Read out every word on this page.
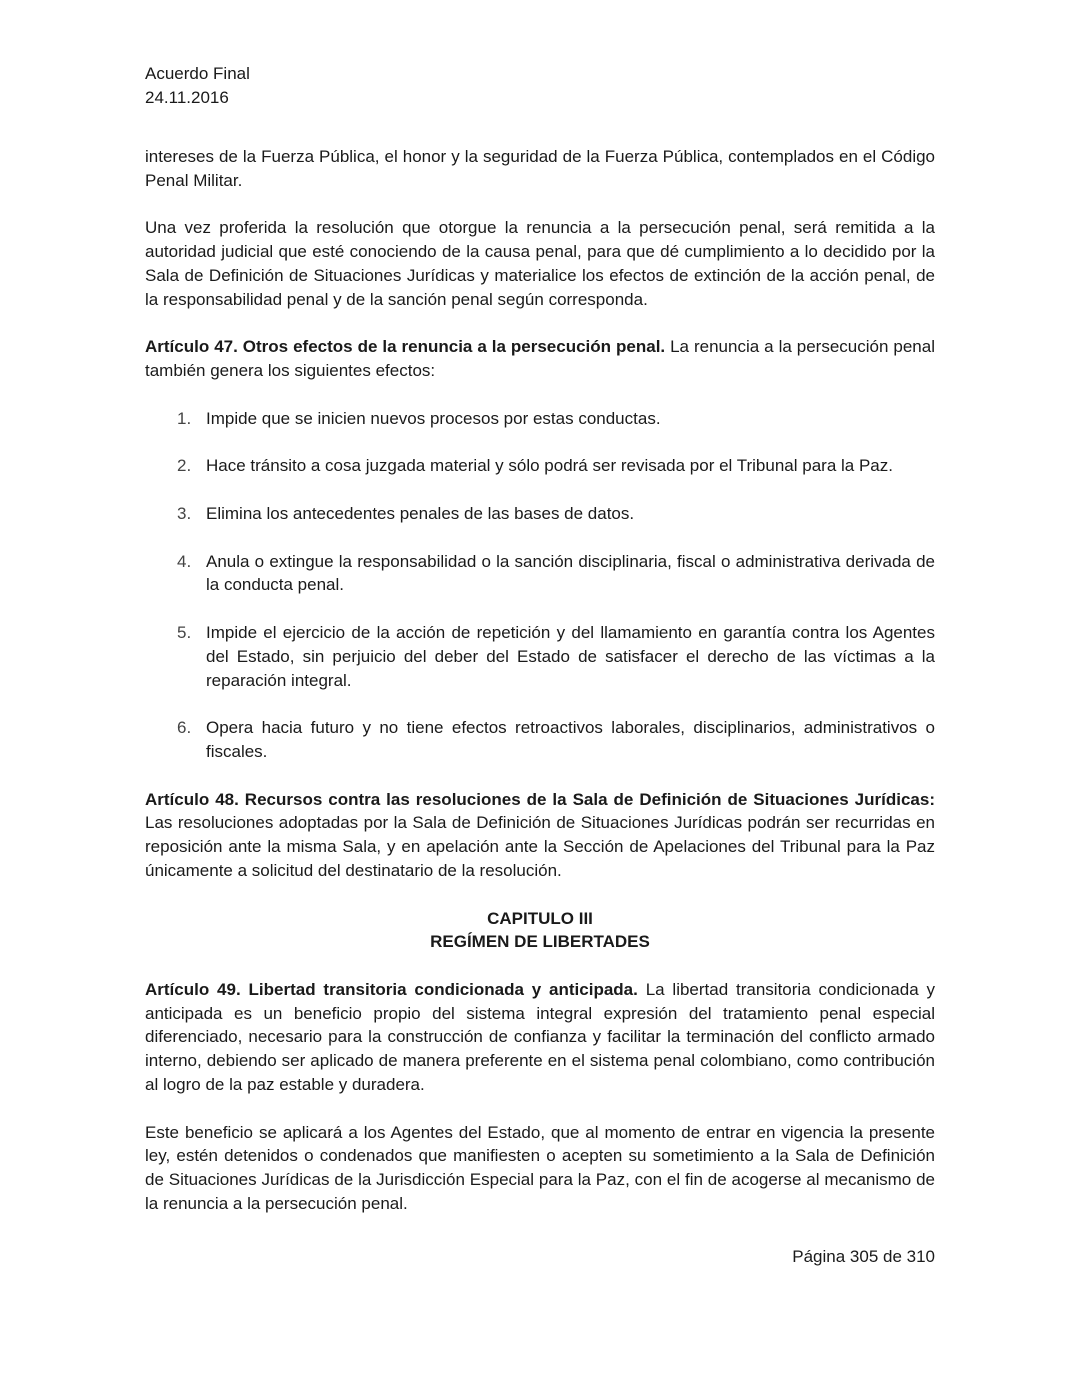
Acuerdo Final
24.11.2016

intereses de la Fuerza Pública, el honor y la seguridad de la Fuerza Pública, contemplados en el Código Penal Militar.

Una vez proferida la resolución que otorgue la renuncia a la persecución penal, será remitida a la autoridad judicial que esté conociendo de la causa penal, para que dé cumplimiento a lo decidido por la Sala de Definición de Situaciones Jurídicas y materialice los efectos de extinción de la acción penal, de la responsabilidad penal y de la sanción penal según corresponda.

Artículo 47. Otros efectos de la renuncia a la persecución penal. La renuncia a la persecución penal también genera los siguientes efectos:

1. Impide que se inicien nuevos procesos por estas conductas.
2. Hace tránsito a cosa juzgada material y sólo podrá ser revisada por el Tribunal para la Paz.
3. Elimina los antecedentes penales de las bases de datos.
4. Anula o extingue la responsabilidad o la sanción disciplinaria, fiscal o administrativa derivada de la conducta penal.
5. Impide el ejercicio de la acción de repetición y del llamamiento en garantía contra los Agentes del Estado, sin perjuicio del deber del Estado de satisfacer el derecho de las víctimas a la reparación integral.
6. Opera hacia futuro y no tiene efectos retroactivos laborales, disciplinarios, administrativos o fiscales.

Artículo 48. Recursos contra las resoluciones de la Sala de Definición de Situaciones Jurídicas: Las resoluciones adoptadas por la Sala de Definición de Situaciones Jurídicas podrán ser recurridas en reposición ante la misma Sala, y en apelación ante la Sección de Apelaciones del Tribunal para la Paz únicamente a solicitud del destinatario de la resolución.

CAPITULO III
REGÍMEN DE LIBERTADES

Artículo 49. Libertad transitoria condicionada y anticipada. La libertad transitoria condicionada y anticipada es un beneficio propio del sistema integral expresión del tratamiento penal especial diferenciado, necesario para la construcción de confianza y facilitar la terminación del conflicto armado interno, debiendo ser aplicado de manera preferente en el sistema penal colombiano, como contribución al logro de la paz estable y duradera.

Este beneficio se aplicará a los Agentes del Estado, que al momento de entrar en vigencia la presente ley, estén detenidos o condenados que manifiesten o acepten su sometimiento a la Sala de Definición de Situaciones Jurídicas de la Jurisdicción Especial para la Paz, con el fin de acogerse al mecanismo de la renuncia a la persecución penal.

Página 305 de 310
